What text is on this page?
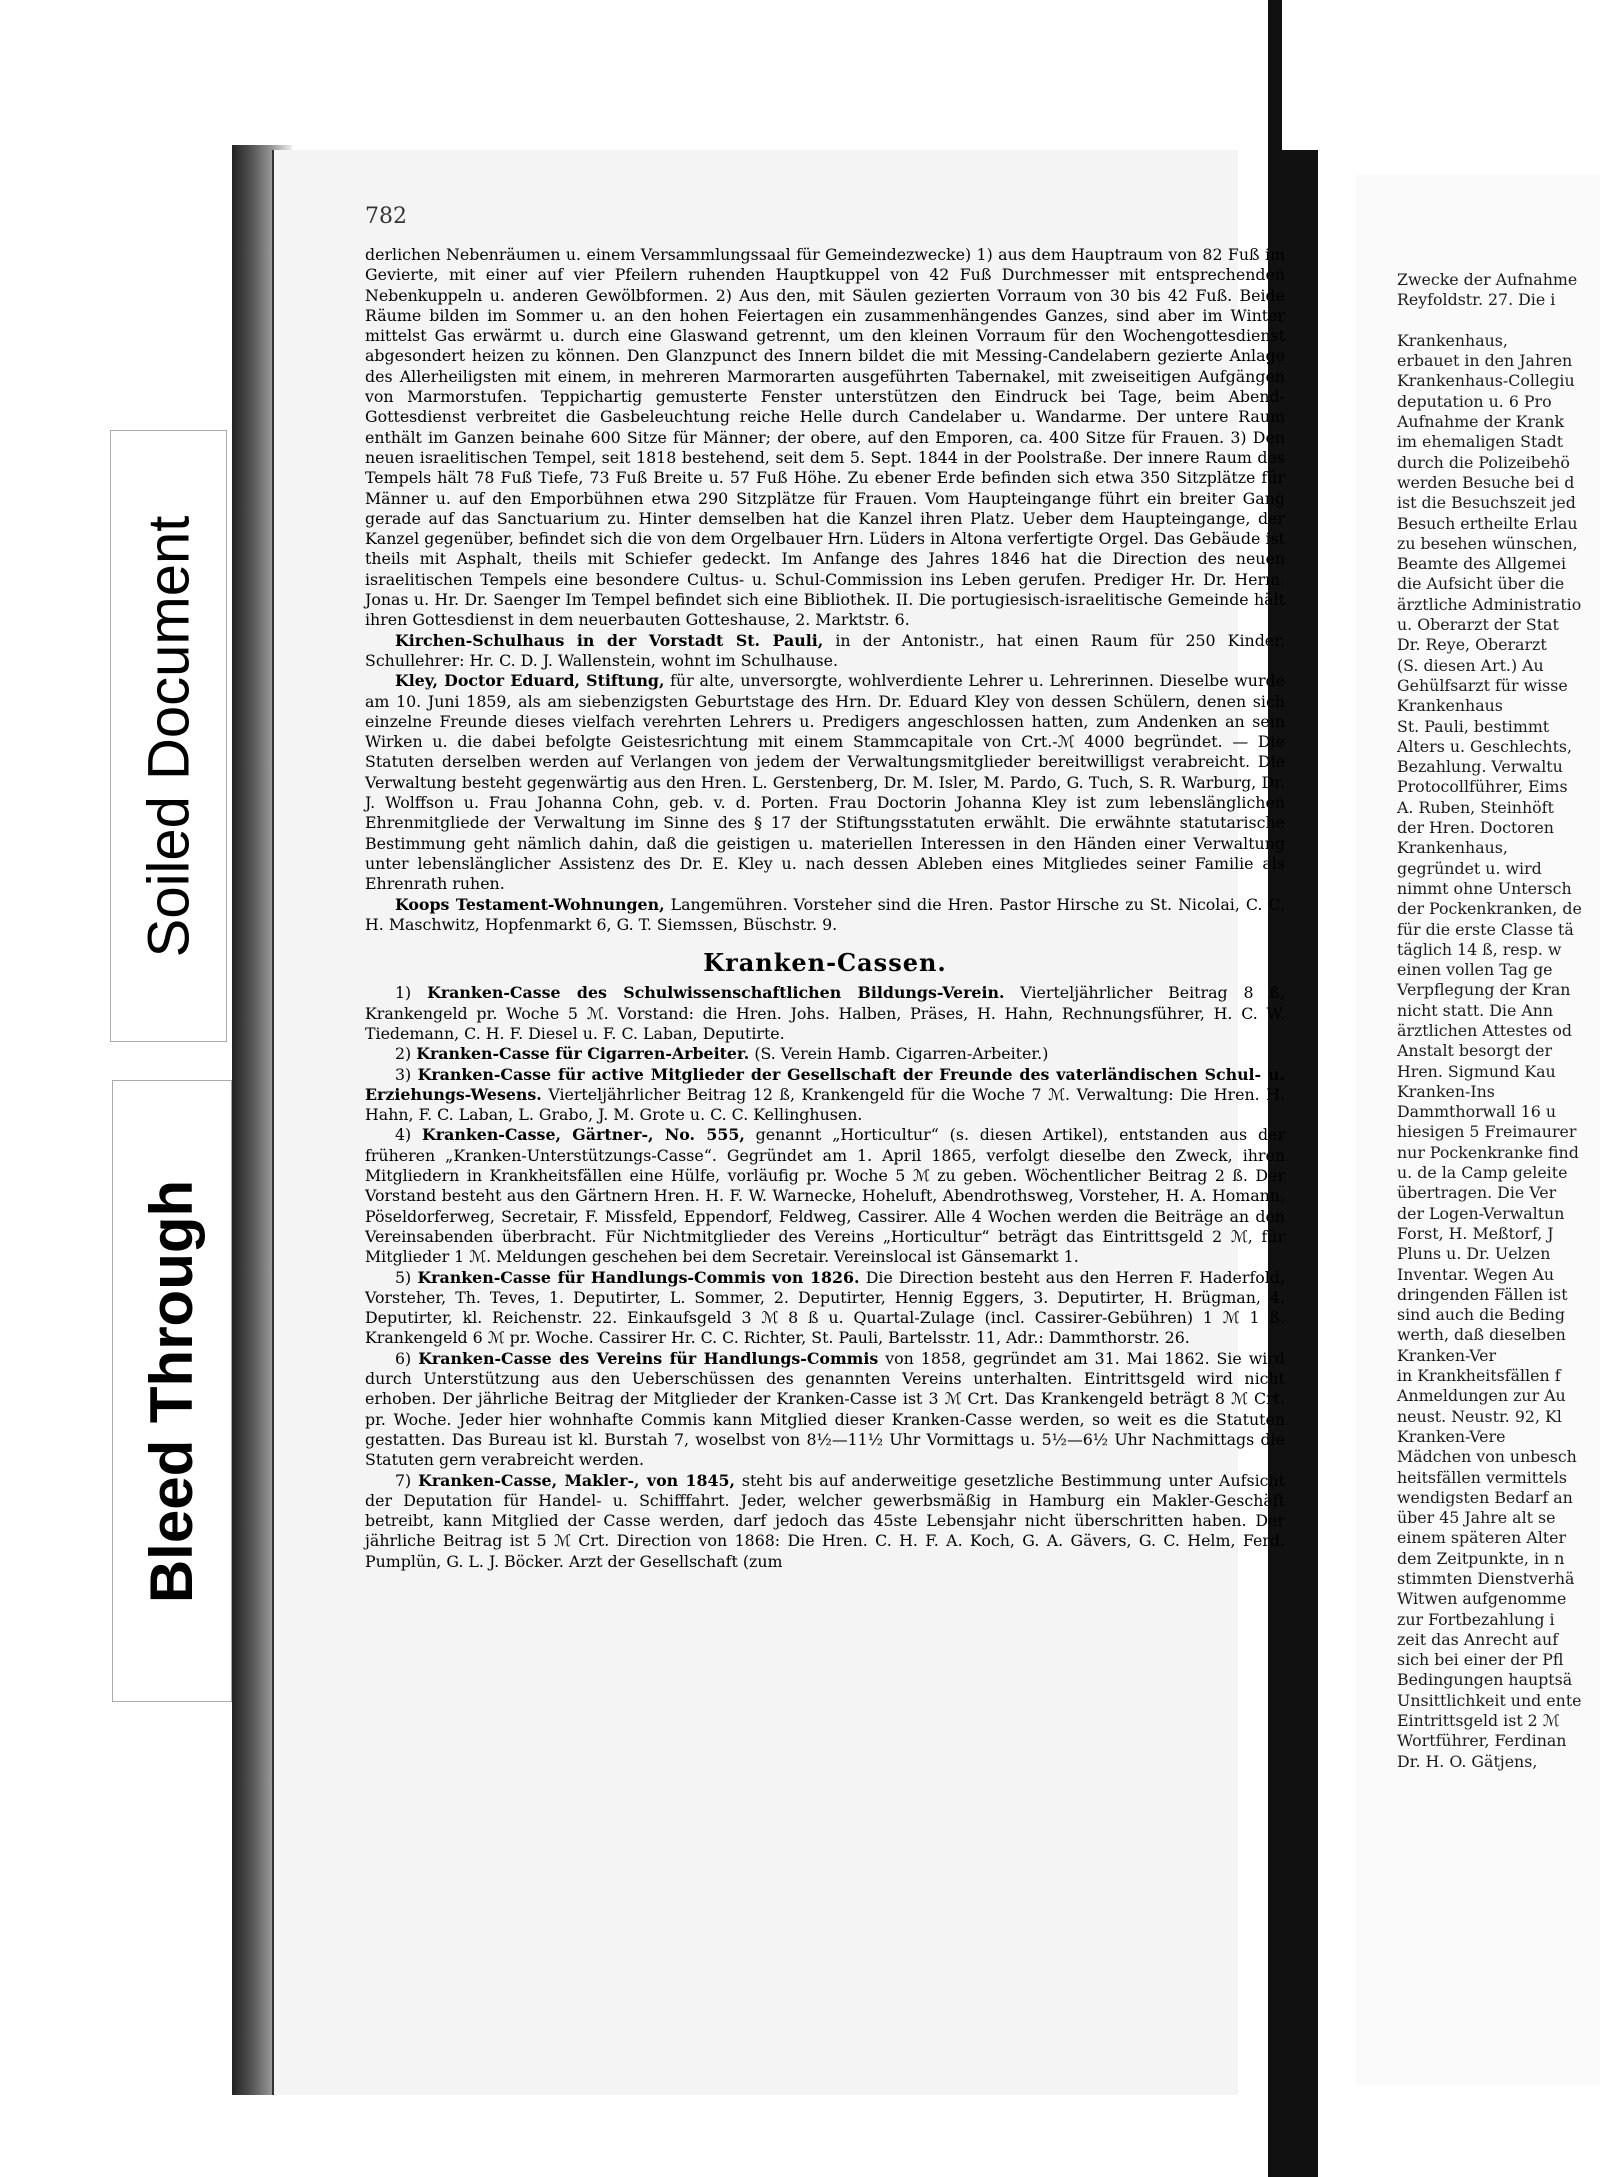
Soiled Document
Bleed Through
782

derlichen Nebenräumen u. einem Versammlungssaal für Gemeindezwecke) 1) aus dem Hauptraum von 82 Fuß im Gevierte, mit einer auf vier Pfeilern ruhenden Hauptkuppel von 42 Fuß Durchmesser mit entsprechenden Nebenkuppeln u. anderen Gewölbformen. 2) Aus den, mit Säulen gezierten Vorraum von 30 bis 42 Fuß. Beide Räume bilden im Sommer u. an den hohen Feiertagen ein zusammenhängendes Ganzes, sind aber im Winter mittelst Gas erwärmt u. durch eine Glaswand getrennt, um den kleinen Vorraum für den Wochengottesdienst abgesondert heizen zu können. Den Glanzpunct des Innern bildet die mit Messing-Candelabern gezierte Anlage des Allerheiligsten mit einem, in mehreren Marmorarten ausgeführten Tabernakel, mit zweiseitigen Aufgängen von Marmorstufen. Teppichartig gemusterte Fenster unterstützen den Eindruck bei Tage, beim Abend-Gottesdienst verbreitet die Gasbeleuchtung reiche Helle durch Candelaber u. Wandarme. Der untere Raum enthält im Ganzen beinahe 600 Sitze für Männer; der obere, auf den Emporen, ca. 400 Sitze für Frauen. 3) Den neuen israelitischen Tempel, seit 1818 bestehend, seit dem 5. Sept. 1844 in der Poolstraße. Der innere Raum des Tempels hält 78 Fuß Tiefe, 73 Fuß Breite u. 57 Fuß Höhe. Zu ebener Erde befinden sich etwa 350 Sitzplätze für Männer u. auf den Emporbühnen etwa 290 Sitzplätze für Frauen. Vom Haupteingange führt ein breiter Gang gerade auf das Sanctuarium zu. Hinter demselben hat die Kanzel ihren Platz. Ueber dem Haupteingange, der Kanzel gegenüber, befindet sich die von dem Orgelbauer Hrn. Lüders in Altona verfertigte Orgel. Das Gebäude ist theils mit Asphalt, theils mit Schiefer gedeckt. Im Anfange des Jahres 1846 hat die Direction des neuen israelitischen Tempels eine besondere Cultus- u. Schul-Commission ins Leben gerufen. Prediger Hr. Dr. Herm. Jonas u. Hr. Dr. Saenger Im Tempel befindet sich eine Bibliothek. II. Die portugiesisch-israelitische Gemeinde hält ihren Gottesdienst in dem neuerbauten Gotteshause, 2. Marktstr. 6.

Kirchen-Schulhaus in der Vorstadt St. Pauli, in der Antonistr., hat einen Raum für 250 Kinder. Schullehrer: Hr. C. D. J. Wallenstein, wohnt im Schulhause.

Kley, Doctor Eduard, Stiftung, für alte, unversorgte, wohlverdiente Lehrer u. Lehrerinnen. Dieselbe wurde am 10. Juni 1859, als am siebenzigsten Geburtstage des Hrn. Dr. Eduard Kley von dessen Schülern, denen sich einzelne Freunde dieses vielfach verehrten Lehrers u. Predigers angeschlossen hatten, zum Andenken an sein Wirken u. die dabei befolgte Geistesrichtung mit einem Stammcapitale von Crt.-ℳ 4000 begründet. — Die Statuten derselben werden auf Verlangen von jedem der Verwaltungsmitglieder bereitwilligst verabreicht. Die Verwaltung besteht gegenwärtig aus den Hren. L. Gerstenberg, Dr. M. Isler, M. Pardo, G. Tuch, S. R. Warburg, Dr. J. Wolffson u. Frau Johanna Cohn, geb. v. d. Porten. Frau Doctorin Johanna Kley ist zum lebenslänglichen Ehrenmitgliede der Verwaltung im Sinne des § 17 der Stiftungsstatuten erwählt. Die erwähnte statutarische Bestimmung geht nämlich dahin, daß die geistigen u. materiellen Interessen in den Händen einer Verwaltung unter lebenslänglicher Assistenz des Dr. E. Kley u. nach dessen Ableben eines Mitgliedes seiner Familie als Ehrenrath ruhen.

Koops Testament-Wohnungen, Langemühren. Vorsteher sind die Hren. Pastor Hirsche zu St. Nicolai, C. C. H. Maschwitz, Hopfenmarkt 6, G. T. Siemssen, Büschstr. 9.

Kranken-Cassen.

1) Kranken-Casse des Schulwissenschaftlichen Bildungs-Verein. Vierteljährlicher Beitrag 8 ß, Krankengeld pr. Woche 5 ℳ. Vorstand: die Hren. Johs. Halben, Präses, H. Hahn, Rechnungsführer, H. C. W. Tiedemann, C. H. F. Diesel u. F. C. Laban, Deputirte.

2) Kranken-Casse für Cigarren-Arbeiter. (S. Verein Hamb. Cigarren-Arbeiter.)

3) Kranken-Casse für active Mitglieder der Gesellschaft der Freunde des vaterländischen Schul- u. Erziehungs-Wesens. Vierteljährlicher Beitrag 12 ß, Krankengeld für die Woche 7 ℳ. Verwaltung: Die Hren. H. Hahn, F. C. Laban, L. Grabo, J. M. Grote u. C. C. Kellinghusen.

4) Kranken-Casse, Gärtner-, No. 555, genannt „Horticultur“ (s. diesen Artikel), entstanden aus der früheren „Kranken-Unterstützungs-Casse“. Gegründet am 1. April 1865, verfolgt dieselbe den Zweck, ihren Mitgliedern in Krankheitsfällen eine Hülfe, vorläufig pr. Woche 5 ℳ zu geben. Wöchentlicher Beitrag 2 ß. Der Vorstand besteht aus den Gärtnern Hren. H. F. W. Warnecke, Hoheluft, Abendrothsweg, Vorsteher, H. A. Homann, Pöseldorferweg, Secretair, F. Missfeld, Eppendorf, Feldweg, Cassirer. Alle 4 Wochen werden die Beiträge an den Vereinsabenden überbracht. Für Nichtmitglieder des Vereins „Horticultur“ beträgt das Eintrittsgeld 2 ℳ, für Mitglieder 1 ℳ. Meldungen geschehen bei dem Secretair. Vereinslocal ist Gänsemarkt 1.

5) Kranken-Casse für Handlungs-Commis von 1826. Die Direction besteht aus den Herren F. Haderfold, Vorsteher, Th. Teves, 1. Deputirter, L. Sommer, 2. Deputirter, Hennig Eggers, 3. Deputirter, H. Brügman, 4. Deputirter, kl. Reichenstr. 22. Einkaufsgeld 3 ℳ 8 ß u. Quartal-Zulage (incl. Cassirer-Gebühren) 1 ℳ 1 ß. Krankengeld 6 ℳ pr. Woche. Cassirer Hr. C. C. Richter, St. Pauli, Bartelsstr. 11, Adr.: Dammthorstr. 26.

6) Kranken-Casse des Vereins für Handlungs-Commis von 1858, gegründet am 31. Mai 1862. Sie wird durch Unterstützung aus den Ueberschüssen des genannten Vereins unterhalten. Eintrittsgeld wird nicht erhoben. Der jährliche Beitrag der Mitglieder der Kranken-Casse ist 3 ℳ Crt. Das Krankengeld beträgt 8 ℳ Crt. pr. Woche. Jeder hier wohnhafte Commis kann Mitglied dieser Kranken-Casse werden, so weit es die Statuten gestatten. Das Bureau ist kl. Burstah 7, woselbst von 8½—11½ Uhr Vormittags u. 5½—6½ Uhr Nachmittags die Statuten gern verabreicht werden.

7) Kranken-Casse, Makler-, von 1845, steht bis auf anderweitige gesetzliche Bestimmung unter Aufsicht der Deputation für Handel- u. Schifffahrt. Jeder, welcher gewerbsmäßig in Hamburg ein Makler-Geschäft betreibt, kann Mitglied der Casse werden, darf jedoch das 45ste Lebensjahr nicht überschritten haben. Der jährliche Beitrag ist 5 ℳ Crt. Direction von 1868: Die Hren. C. H. F. A. Koch, G. A. Gävers, G. C. Helm, Ferd. Pumplün, G. L. J. Böcker. Arzt der Gesellschaft (zum

Zwecke der Aufnahme
Reyfoldstr. 27. Die i
Krankenhaus,
erbauet in den Jahren
Krankenhaus-Collegiu
deputation u. 6 Pro
Aufnahme der Krank
im ehemaligen Stadt
durch die Polizeibehö
werden Besuche bei d
ist die Besuchszeit jed
Besuch ertheilte Erlau
zu besehen wünschen,
Beamte des Allgemei
die Aufsicht über die
ärztliche Administratio
u. Oberarzt der Stat
Dr. Reye, Oberarzt
(S. diesen Art.) Au
Gehülfsarzt für wisse
Krankenhaus
St. Pauli, bestimmt
Alters u. Geschlechts,
Bezahlung. Verwaltu
Protocollführer, Eims
A. Ruben, Steinhöft
der Hren. Doctoren
Krankenhaus,
gegründet u. wird
nimmt ohne Untersch
der Pockenkranken, de
für die erste Classe tä
täglich 14 ß, resp. w
einen vollen Tag ge
Verpflegung der Kran
nicht statt. Die Ann
ärztlichen Attestes od
Anstalt besorgt der
Hren. Sigmund Kau
Kranken-Ins
Dammthorwall 16 u
hiesigen 5 Freimaurer
nur Pockenkranke find
u. de la Camp geleite
übertragen. Die Ver
der Logen-Verwaltun
Forst, H. Meßtorf, J
Pluns u. Dr. Uelzen
Inventar. Wegen Au
dringenden Fällen ist
sind auch die Beding
werth, daß dieselben
Kranken-Ver
in Krankheitsfällen f
Anmeldungen zur Au
neust. Neustr. 92, Kl
Kranken-Vere
Mädchen von unbesch
heitsfällen vermittels
wendigsten Bedarf an
über 45 Jahre alt se
einem späteren Alter
dem Zeitpunkte, in n
stimmten Dienstverhä
Witwen aufgenomme
zur Fortbezahlung i
zeit das Anrecht auf
sich bei einer der Pfl
Bedingungen hauptsä
Unsittlichkeit und ente
Eintrittsgeld ist 2 ℳ
Wortführer, Ferdinan
Dr. H. O. Gätjens,
